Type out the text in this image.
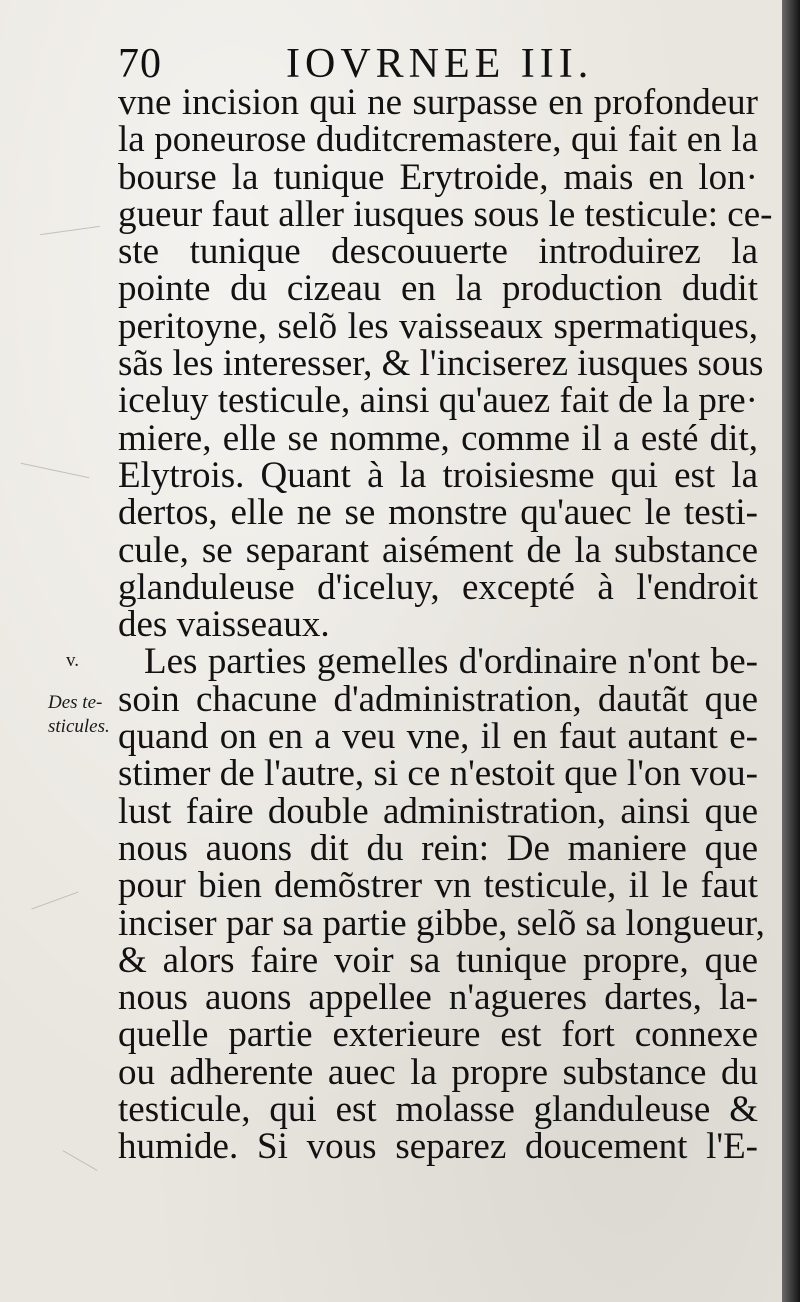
70	IOVRNEE III.
v.
Des te-
sticules.
vne incision qui ne surpasse en profondeur
la poneurose duditcremastere, qui fait en la
bourse la tunique Erytroide, mais en lon·
gueur faut aller iusques sous le testicule: ce-
ste tunique descouuerte introduirez la
pointe du cizeau en la production dudit
peritoyne, selõ les vaisseaux spermatiques,
sãs les interesser, & l'inciserez iusques sous
iceluy testicule, ainsi qu'auez fait de la pre·
miere, elle se nomme, comme il a esté dit,
Elytrois. Quant à la troisiesme qui est la
dertos, elle ne se monstre qu'auec le testi-
cule, se separant aisément de la substance
glanduleuse d'iceluy, excepté à l'endroit
des vaisseaux.
Les parties gemelles d'ordinaire n'ont be-
soin chacune d'administration, dautãt que
quand on en a veu vne, il en faut autant e-
stimer de l'autre, si ce n'estoit que l'on vou-
lust faire double administration, ainsi que
nous auons dit du rein: De maniere que
pour bien demõstrer vn testicule, il le faut
inciser par sa partie gibbe, selõ sa longueur,
& alors faire voir sa tunique propre, que
nous auons appellee n'agueres dartes, la-
quelle partie exterieure est fort connexe
ou adherente auec la propre substance du
testicule, qui est molasse glanduleuse &
humide. Si vous separez doucement l'E-
